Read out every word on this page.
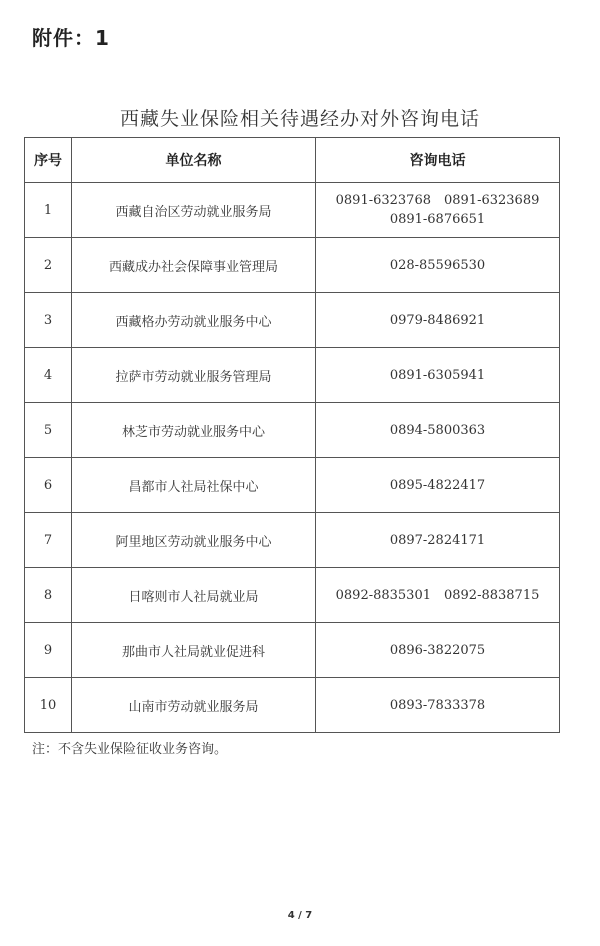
附件：1
西藏失业保险相关待遇经办对外咨询电话
序号	单位名称	咨询电话
1	西藏自治区劳动就业服务局	0891-6323768　0891-6323689
0891-6876651

2	西藏成办社会保障事业管理局	028-85596530
3	西藏格办劳动就业服务中心	0979-8486921
4	拉萨市劳动就业服务管理局	0891-6305941
5	林芝市劳动就业服务中心	0894-5800363
6	昌都市人社局社保中心	0895-4822417
7	阿里地区劳动就业服务中心	0897-2824171
8	日喀则市人社局就业局	0892-8835301　0892-8838715
9	那曲市人社局就业促进科	0896-3822075
10	山南市劳动就业服务局	0893-7833378
注：不含失业保险征收业务咨询。
4 / 7
